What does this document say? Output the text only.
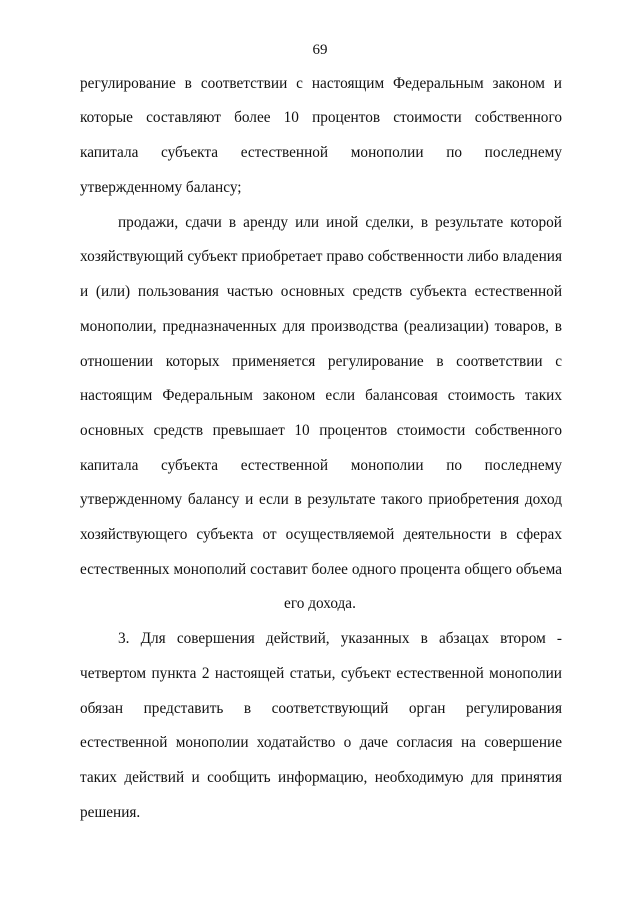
69
регулирование в соответствии с настоящим Федеральным законом и
которые составляют более 10 процентов стоимости собственного
капитала субъекта естественной монополии по последнему
утвержденному балансу;
продажи, сдачи в аренду или иной сделки, в результате которой
хозяйствующий субъект приобретает право собственности либо владения
и (или) пользования частью основных средств субъекта естественной
монополии, предназначенных для производства (реализации) товаров, в
отношении которых применяется регулирование в соответствии с
настоящим Федеральным законом если балансовая стоимость таких
основных средств превышает 10 процентов стоимости собственного
капитала субъекта естественной монополии по последнему
утвержденному балансу и если в результате такого приобретения доход
хозяйствующего субъекта от осуществляемой деятельности в сферах
естественных монополий составит более одного процента общего объема
его дохода.
3. Для совершения действий, указанных в абзацах втором -
четвертом пункта 2 настоящей статьи, субъект естественной монополии
обязан представить в соответствующий орган регулирования
естественной монополии ходатайство о даче согласия на совершение
таких действий и сообщить информацию, необходимую для принятия
решения.
